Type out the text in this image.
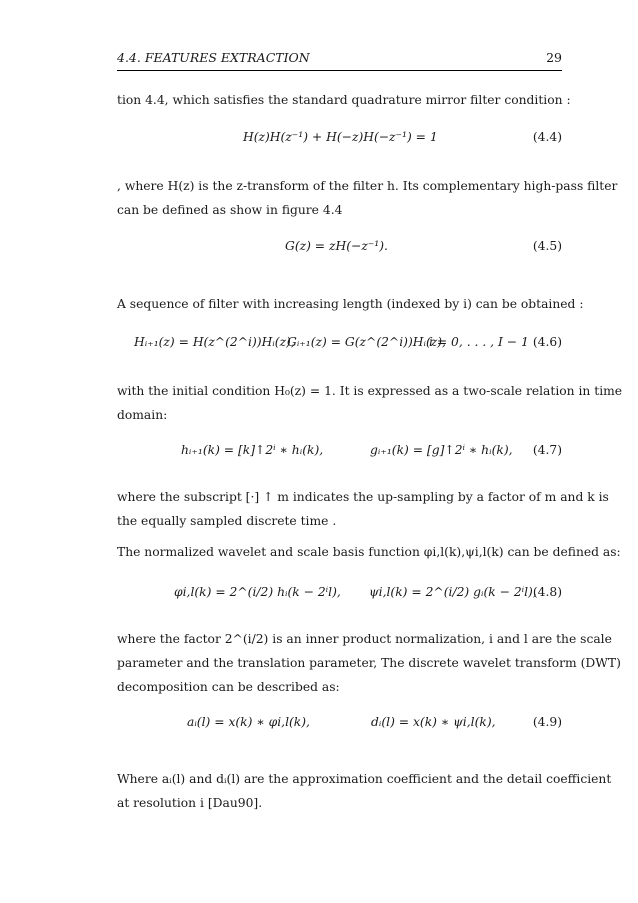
4.4. FEATURES EXTRACTION	29
tion 4.4, which satisfies the standard quadrature mirror filter condition :
H(z)H(z⁻¹) + H(−z)H(−z⁻¹) = 1	(4.4)
, where H(z) is the z-transform of the filter h. Its complementary high-pass filter
can be defined as show in figure 4.4
G(z) = zH(−z⁻¹).	(4.5)
A sequence of filter with increasing length (indexed by i) can be obtained :
Hᵢ₊₁(z) = H(z^(2^i))Hᵢ(z),
Gᵢ₊₁(z) = G(z^(2^i))Hᵢ(z),
i = 0, . . . , I − 1 (4.6)
with the initial condition H₀(z) = 1. It is expressed as a two-scale relation in time
domain:
hᵢ₊₁(k) = [k]↑2ⁱ ∗ hᵢ(k),	gᵢ₊₁(k) = [g]↑2ⁱ ∗ hᵢ(k), (4.7)
where the subscript [·] ↑ m indicates the up-sampling by a factor of m and k is
the equally sampled discrete time .
The normalized wavelet and scale basis function φi,l(k),ψi,l(k) can be defined as:
φi,l(k) = 2^(i/2) hᵢ(k − 2ⁱl), ψi,l(k) = 2^(i/2) gᵢ(k − 2ⁱl),
(4.8)
where the factor 2^(i/2) is an inner product normalization, i and l are the scale
parameter and the translation parameter, The discrete wavelet transform (DWT)
decomposition can be described as:
aᵢ(l) = x(k) ∗ φi,l(k),	dᵢ(l) = x(k) ∗ ψi,l(k),	(4.9)
Where aᵢ(l) and dᵢ(l) are the approximation coefficient and the detail coefficient
at resolution i [Dau90].
